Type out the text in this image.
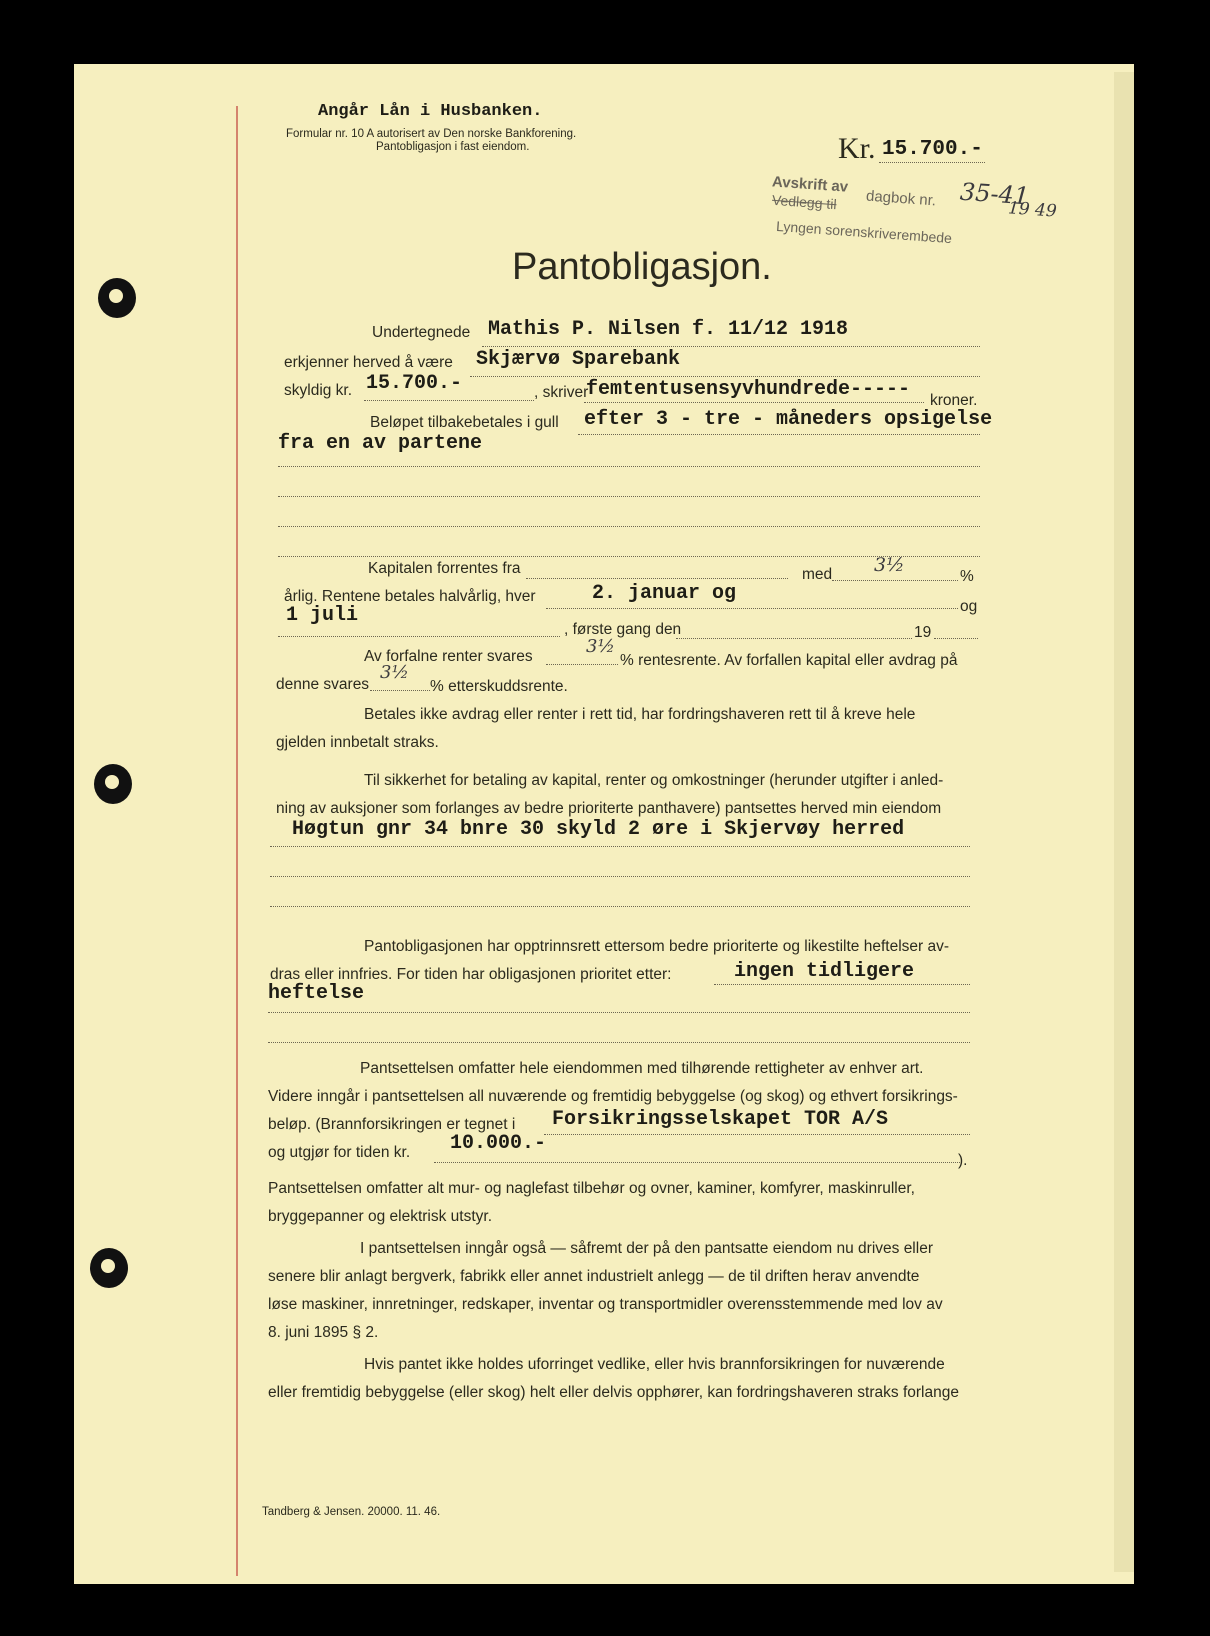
Angår Lån i Husbanken.
Formular nr. 10 A autorisert av Den norske Bankforening.
Pantobligasjon i fast eiendom.	Kr. 15.700.-
Avskrift av
Vedlegg til dagbok nr. 35-41
19 49
Lyngen sorenskriverembede
Pantobligasjon.
Undertegnede Mathis P. Nilsen f. 11/12 1918
erkjenner herved å være Skjærvø Sparebank
skyldig kr. 15.700.-	, skriver
femtentusensyvhundrede----- kroner.
Beløpet tilbakebetales i gull efter 3 - tre - måneders opsigelse
fra en av partene
Kapitalen forrentes fra	med 3½
%
årlig. Rentene betales halvårlig, hver	2. januar og
og
1 juli
, første gang den	19
Av forfalne renter svares	3½
% rentesrente. Av forfallen kapital eller avdrag på
denne svares
3½
% etterskuddsrente.
Betales ikke avdrag eller renter i rett tid, har fordringshaveren rett til å kreve hele
gjelden innbetalt straks.
Til sikkerhet for betaling av kapital, renter og omkostninger (herunder utgifter i anled-
ning av auksjoner som forlanges av bedre prioriterte panthavere) pantsettes herved min eiendom
Høgtun gnr 34 bnre 30 skyld 2 øre i Skjervøy herred
Pantobligasjonen har opptrinnsrett ettersom bedre prioriterte og likestilte heftelser av-
dras eller innfries. For tiden har obligasjonen prioritet etter:	ingen tidligere
heftelse
Pantsettelsen omfatter hele eiendommen med tilhørende rettigheter av enhver art.
Videre inngår i pantsettelsen all nuværende og fremtidig bebyggelse (og skog) og ethvert forsikrings-
beløp. (Brannforsikringen er tegnet i Forsikringsselskapet TOR A/S
og utgjør for tiden kr. 10.000.-
).
Pantsettelsen omfatter alt mur- og naglefast tilbehør og ovner, kaminer, komfyrer, maskinruller,
bryggepanner og elektrisk utstyr.
I pantsettelsen inngår også — såfremt der på den pantsatte eiendom nu drives eller
senere blir anlagt bergverk, fabrikk eller annet industrielt anlegg — de til driften herav anvendte
løse maskiner, innretninger, redskaper, inventar og transportmidler overensstemmende med lov av
8. juni 1895 § 2.
Hvis pantet ikke holdes uforringet vedlike, eller hvis brannforsikringen for nuværende
eller fremtidig bebyggelse (eller skog) helt eller delvis opphører, kan fordringshaveren straks forlange
Tandberg & Jensen. 20000. 11. 46.
